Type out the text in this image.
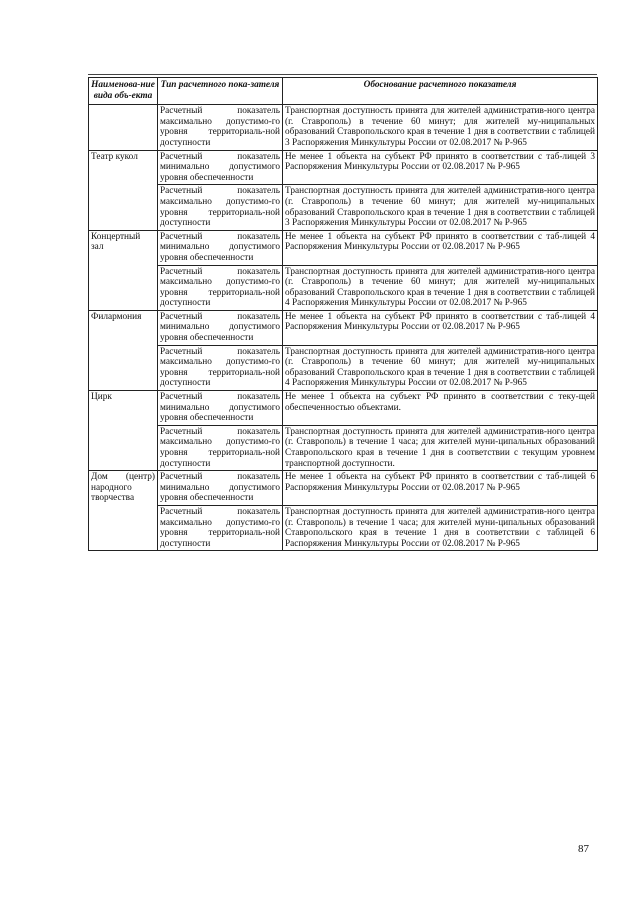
Наименова-ние вида объ-екта	Тип расчетного пока-зателя	Обоснование расчетного показателя
	Расчетный показатель максимально допустимо-го уровня территориаль-ной доступности	Транспортная доступность принята для жителей административ-ного центра (г. Ставрополь) в течение 60 минут; для жителей му-ниципальных образований Ставропольского края в течение 1 дня в соответствии с таблицей 3 Распоряжения Минкультуры России от 02.08.2017 № Р-965
Театр кукол	Расчетный показатель минимально допустимого уровня обеспеченности	Не менее 1 объекта на субъект РФ принято в соответствии с таб-лицей 3 Распоряжения Минкультуры России от 02.08.2017 № Р-965
	Расчетный показатель максимально допустимо-го уровня территориаль-ной доступности	Транспортная доступность принята для жителей административ-ного центра (г. Ставрополь) в течение 60 минут; для жителей му-ниципальных образований Ставропольского края в течение 1 дня в соответствии с таблицей 3 Распоряжения Минкультуры России от 02.08.2017 № Р-965
Концертный зал	Расчетный показатель минимально допустимого уровня обеспеченности	Не менее 1 объекта на субъект РФ принято в соответствии с таб-лицей 4 Распоряжения Минкультуры России от 02.08.2017 № Р-965
	Расчетный показатель максимально допустимо-го уровня территориаль-ной доступности	Транспортная доступность принята для жителей административ-ного центра (г. Ставрополь) в течение 60 минут; для жителей му-ниципальных образований Ставропольского края в течение 1 дня в соответствии с таблицей 4 Распоряжения Минкультуры России от 02.08.2017 № Р-965
Филармония	Расчетный показатель минимально допустимого уровня обеспеченности	Не менее 1 объекта на субъект РФ принято в соответствии с таб-лицей 4 Распоряжения Минкультуры России от 02.08.2017 № Р-965
	Расчетный показатель максимально допустимо-го уровня территориаль-ной доступности	Транспортная доступность принята для жителей административ-ного центра (г. Ставрополь) в течение 60 минут; для жителей му-ниципальных образований Ставропольского края в течение 1 дня в соответствии с таблицей 4 Распоряжения Минкультуры России от 02.08.2017 № Р-965
Цирк	Расчетный показатель минимально допустимого уровня обеспеченности	Не менее 1 объекта на субъект РФ принято в соответствии с теку-щей обеспеченностью объектами.
	Расчетный показатель максимально допустимо-го уровня территориаль-ной доступности	Транспортная доступность принята для жителей административ-ного центра (г. Ставрополь) в течение 1 часа; для жителей муни-ципальных образований Ставропольского края в течение 1 дня в соответствии с текущим уровнем транспортной доступности.
Дом (центр) народного творчества	Расчетный показатель минимально допустимого уровня обеспеченности	Не менее 1 объекта на субъект РФ принято в соответствии с таб-лицей 6 Распоряжения Минкультуры России от 02.08.2017 № Р-965
	Расчетный показатель максимально допустимо-го уровня территориаль-ной доступности	Транспортная доступность принята для жителей административ-ного центра (г. Ставрополь) в течение 1 часа; для жителей муни-ципальных образований Ставропольского края в течение 1 дня в соответствии с таблицей 6 Распоряжения Минкультуры России от 02.08.2017 № Р-965
87
